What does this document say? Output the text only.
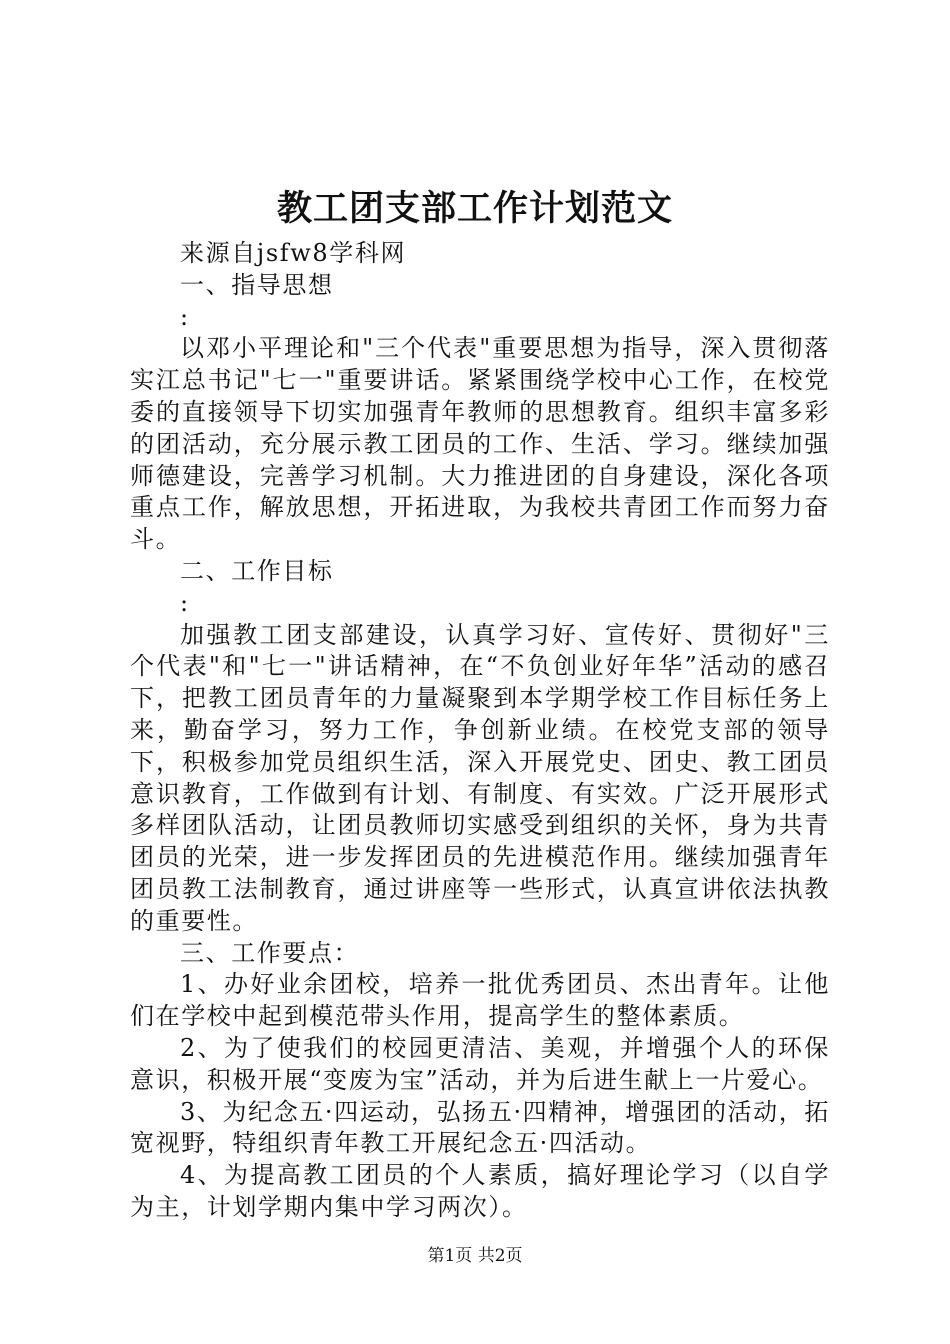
教工团支部工作计划范文

来源自jsfw8学科网

一、指导思想

:

以邓小平理论和"三个代表"重要思想为指导，深入贯彻落实江总书记"七一"重要讲话。紧紧围绕学校中心工作，在校党委的直接领导下切实加强青年教师的思想教育。组织丰富多彩的团活动，充分展示教工团员的工作、生活、学习。继续加强师德建设，完善学习机制。大力推进团的自身建设，深化各项重点工作，解放思想，开拓进取，为我校共青团工作而努力奋斗。

二、工作目标

:

加强教工团支部建设，认真学习好、宣传好、贯彻好"三个代表"和"七一"讲话精神，在“不负创业好年华”活动的感召下，把教工团员青年的力量凝聚到本学期学校工作目标任务上来，勤奋学习，努力工作，争创新业绩。在校党支部的领导下，积极参加党员组织生活，深入开展党史、团史、教工团员意识教育，工作做到有计划、有制度、有实效。广泛开展形式多样团队活动，让团员教师切实感受到组织的关怀，身为共青团员的光荣，进一步发挥团员的先进模范作用。继续加强青年团员教工法制教育，通过讲座等一些形式，认真宣讲依法执教的重要性。

三、工作要点：

1、办好业余团校，培养一批优秀团员、杰出青年。让他们在学校中起到模范带头作用，提高学生的整体素质。

2、为了使我们的校园更清洁、美观，并增强个人的环保意识，积极开展“变废为宝”活动，并为后进生献上一片爱心。

3、为纪念五·四运动，弘扬五·四精神，增强团的活动，拓宽视野，特组织青年教工开展纪念五·四活动。

4、为提高教工团员的个人素质，搞好理论学习（以自学为主，计划学期内集中学习两次）。

第1页 共2页
